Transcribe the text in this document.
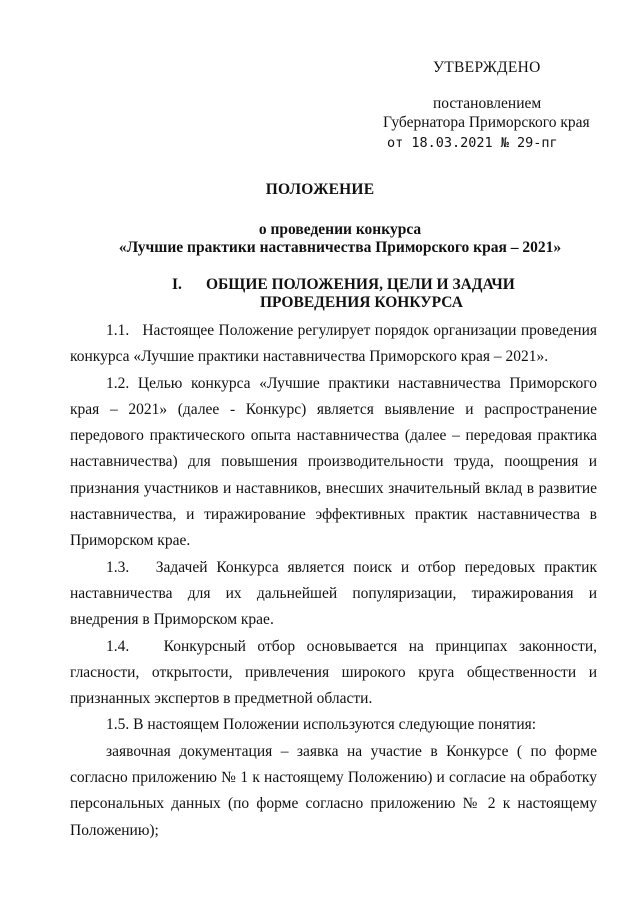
УТВЕРЖДЕНО
постановлением
Губернатора Приморского края
от 18.03.2021 № 29-пг
ПОЛОЖЕНИЕ
о проведении конкурса
«Лучшие практики наставничества Приморского края – 2021»
I. ОБЩИЕ ПОЛОЖЕНИЯ, ЦЕЛИ И ЗАДАЧИ
ПРОВЕДЕНИЯ КОНКУРСА

1.1.   Настоящее Положение регулирует порядок организации проведения конкурса «Лучшие практики наставничества Приморского края – 2021».

1.2. Целью конкурса «Лучшие практики наставничества Приморского края – 2021» (далее - Конкурс) является выявление и распространение передового практического опыта наставничества (далее – передовая практика наставничества) для повышения производительности труда, поощрения и признания участников и наставников, внесших значительный вклад в развитие наставничества, и тиражирование эффективных практик наставничества в Приморском крае.

1.3.   Задачей Конкурса является поиск и отбор передовых практик наставничества для их дальнейшей популяризации, тиражирования и внедрения в Приморском крае.

1.4.   Конкурсный отбор основывается на принципах законности, гласности, открытости, привлечения широкого круга общественности и признанных экспертов в предметной области.

1.5. В настоящем Положении используются следующие понятия:

заявочная документация – заявка на участие в Конкурсе ( по форме согласно приложению № 1 к настоящему Положению) и согласие на обработку персональных данных (по форме согласно приложению № 2 к настоящему Положению);
